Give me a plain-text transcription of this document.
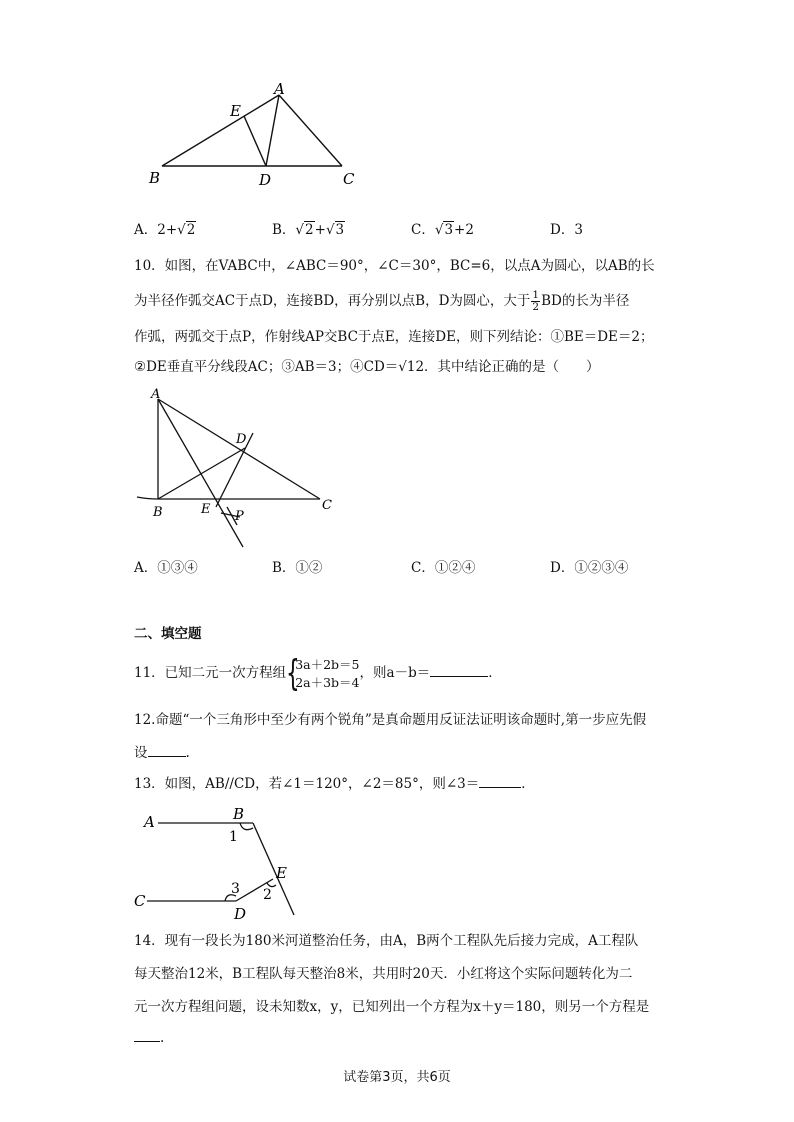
A
E
B	D	C
A．2+√2	B．√2+√3	C．√3+2	D．3
10．如图，在VABC中，∠ABC＝90°，∠C＝30°，BC=6，以点A为圆心，以AB的长
为半径作弧交AC于点D，连接BD，再分别以点B，D为圆心，大于 $\frac{1}{2}$ BD的长为半径
作弧，两弧交于点P，作射线AP交BC于点E，连接DE，则下列结论：①BE＝DE＝2；
②DE垂直平分线段AC；③AB＝3；④CD＝√12．其中结论正确的是（　　）
A
D
B	E	C
P
A．①③④	B．①②	C．①②④	D．①②③④
二、填空题
11．已知二元一次方程组 {
3a＋2b＝5
2a＋3b＝4
，则a－b＝	．
12.命题“一个三角形中至少有两个锐角”是真命题用反证法证明该命题时,第一步应先假
设	.
13．如图，AB//CD，若∠1＝120°，∠2＝85°，则∠3＝	．
A	B
1
C
3
D
2
E
14．现有一段长为180米河道整治任务，由A，B两个工程队先后接力完成，A工程队
每天整治12米，B工程队每天整治8米，共用时20天．小红将这个实际问题转化为二
元一次方程组问题，设未知数x，y，已知列出一个方程为x＋y＝180，则另一个方程是
.
试卷第3页，共6页
